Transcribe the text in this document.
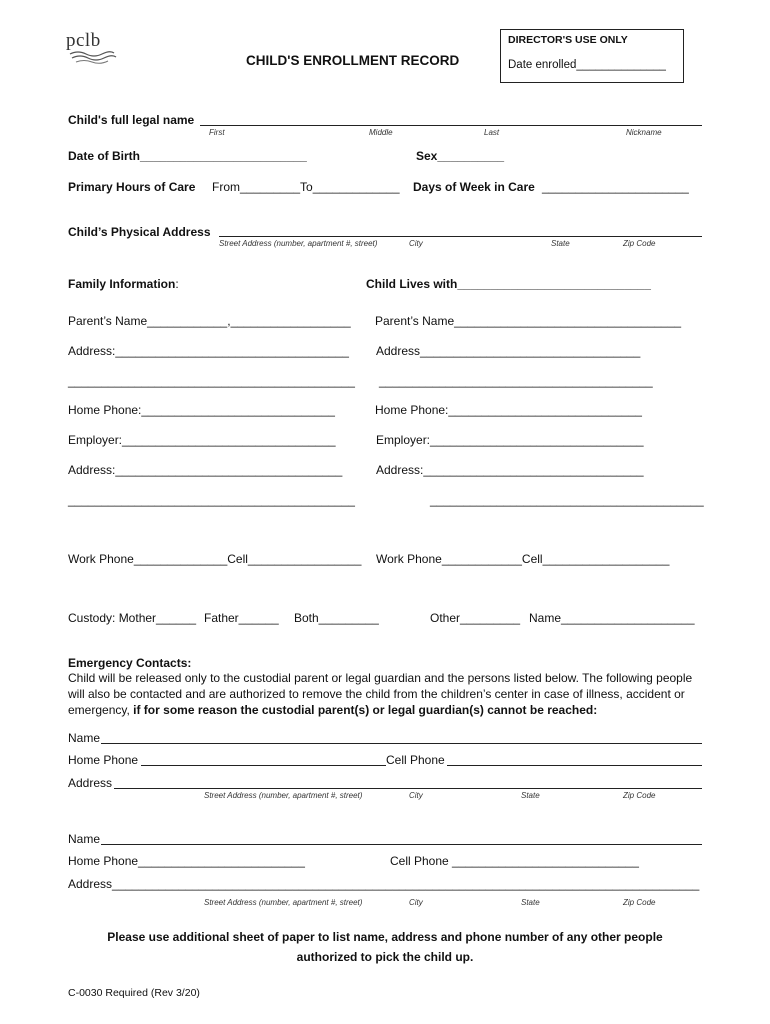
pclb
CHILD'S ENROLLMENT RECORD
DIRECTOR'S USE ONLY
Date enrolled______________
Child's full legal name
First	Middle	Last	Nickname
Date of Birth_________________________	Sex__________
Primary Hours of Care From_________To_____________ Days of Week in Care ______________________
Child’s Physical Address
Street Address (number, apartment #, street)	City	State	Zip Code
Family Information:	Child Lives with_____________________________
Parent’s Name____________,__________________ Parent’s Name__________________________________
Address:___________________________________ Address_________________________________
___________________________________________ _________________________________________
Home Phone:_____________________________	Home Phone:_____________________________
Employer:________________________________	Employer:________________________________
Address:__________________________________	Address:_________________________________
___________________________________________	_________________________________________
Work Phone______________Cell_________________ Work Phone____________Cell___________________
Custody: Mother______ Father______ Both_________	Other_________ Name____________________
Emergency Contacts:
Child will be released only to the custodial parent or legal guardian and the persons listed below. The following people will also be contacted and are authorized to remove the child from the children’s center in case of illness, accident or emergency, if for some reason the custodial parent(s) or legal guardian(s) cannot be reached:
Name
Home Phone	Cell Phone
Address
Street Address (number, apartment #, street)	City	State	Zip Code
Name
Home Phone_________________________	Cell Phone ____________________________
Address________________________________________________________________________________________
Street Address (number, apartment #, street)	City	State	Zip Code
Please use additional sheet of paper to list name, address and phone number of any other people
authorized to pick the child up.
C-0030 Required (Rev 3/20)
